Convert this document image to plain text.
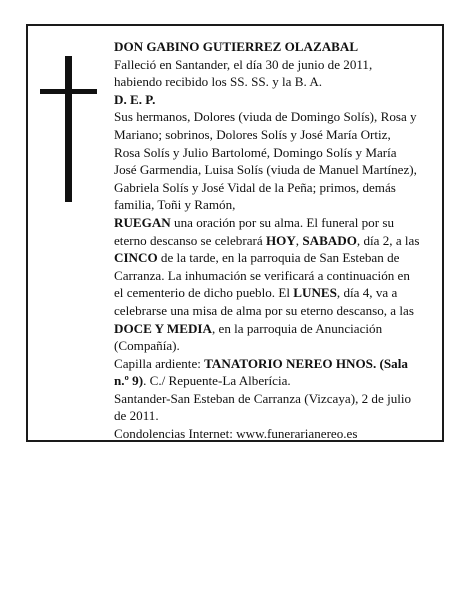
DON GABINO GUTIERREZ OLAZABAL

Falleció en Santander, el día 30 de junio de 2011, habiendo recibido los SS. SS. y la B. A.

D. E. P.

Sus hermanos, Dolores (viuda de Domingo Solís), Rosa y Mariano; sobrinos, Dolores Solís y José María Ortiz, Rosa Solís y Julio Bartolomé, Domingo Solís y María José Garmendia, Luisa Solís (viuda de Manuel Martínez), Gabriela Solís y José Vidal de la Peña; primos, demás familia, Toñi y Ramón,

RUEGAN una oración por su alma. El funeral por su eterno descanso se celebrará HOY, SABADO, día 2, a las CINCO de la tarde, en la parroquia de San Esteban de Carranza. La inhumación se verificará a continuación en el cementerio de dicho pueblo. El LUNES, día 4, va a celebrarse una misa de alma por su eterno descanso, a las DOCE Y MEDIA, en la parroquia de Anunciación (Compañía).

Capilla ardiente: TANATORIO NEREO HNOS. (Sala n.º 9). C./ Repuente-La Alberícia.

Santander-San Esteban de Carranza (Vizcaya), 2 de julio de 2011.

Condolencias Internet: www.funerarianereo.es
